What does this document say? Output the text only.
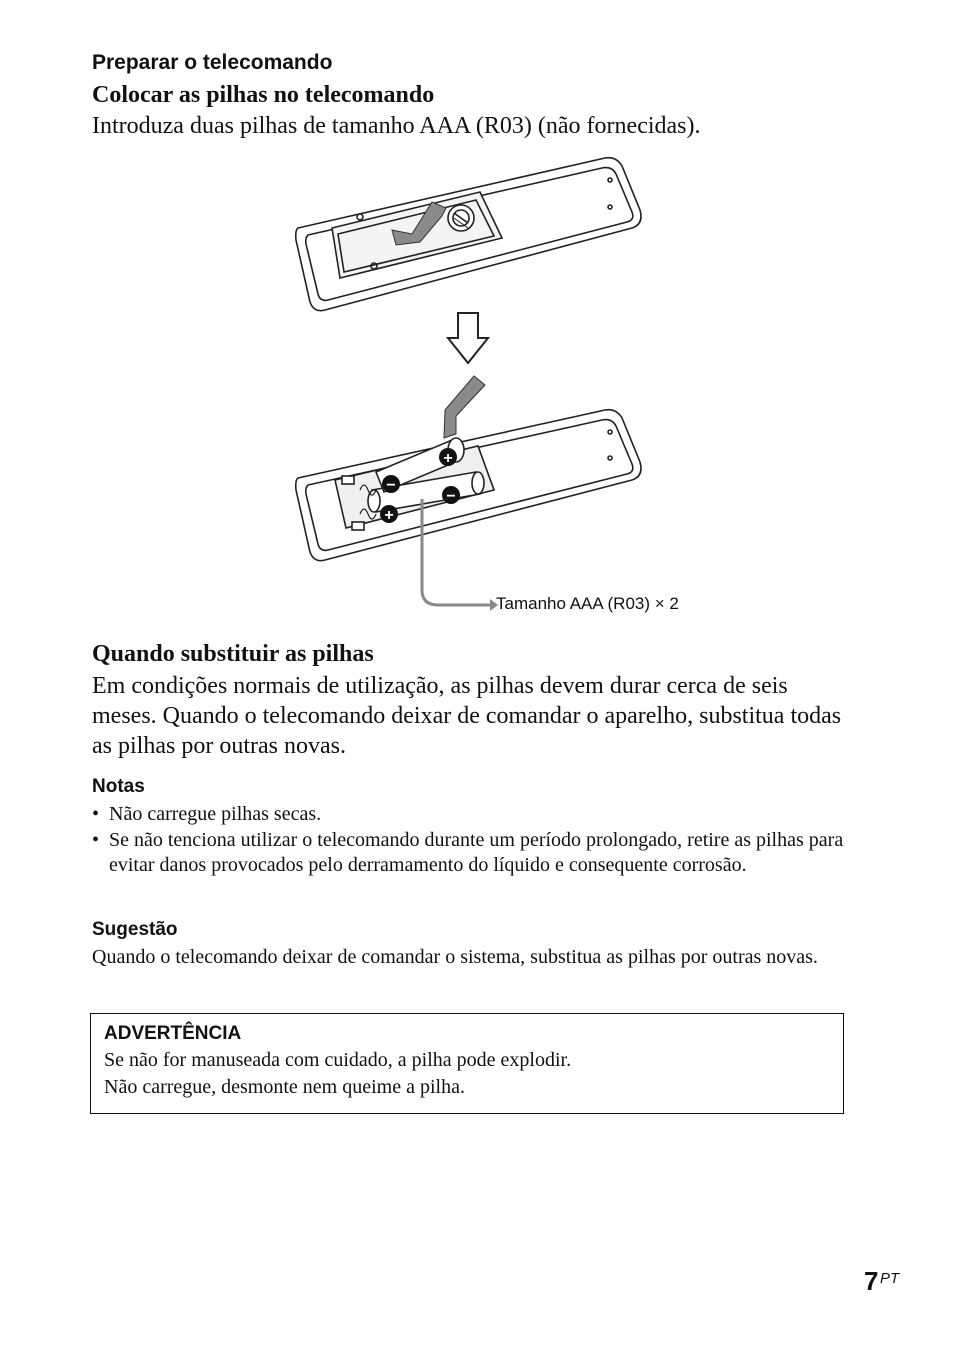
Preparar o telecomando
Colocar as pilhas no telecomando
Introduza duas pilhas de tamanho AAA (R03) (não fornecidas).
+
−
−
+
Tamanho AAA (R03) × 2
Quando substituir as pilhas
Em condições normais de utilização, as pilhas devem durar cerca de seis meses. Quando o telecomando deixar de comandar o aparelho, substitua todas as pilhas por outras novas.
Notas
• Não carregue pilhas secas.
• Se não tenciona utilizar o telecomando durante um período prolongado, retire as pilhas para evitar danos provocados pelo derramamento do líquido e consequente corrosão.
Sugestão
Quando o telecomando deixar de comandar o sistema, substitua as pilhas por outras novas.
ADVERTÊNCIA
Se não for manuseada com cuidado, a pilha pode explodir.
Não carregue, desmonte nem queime a pilha.
7 PT
